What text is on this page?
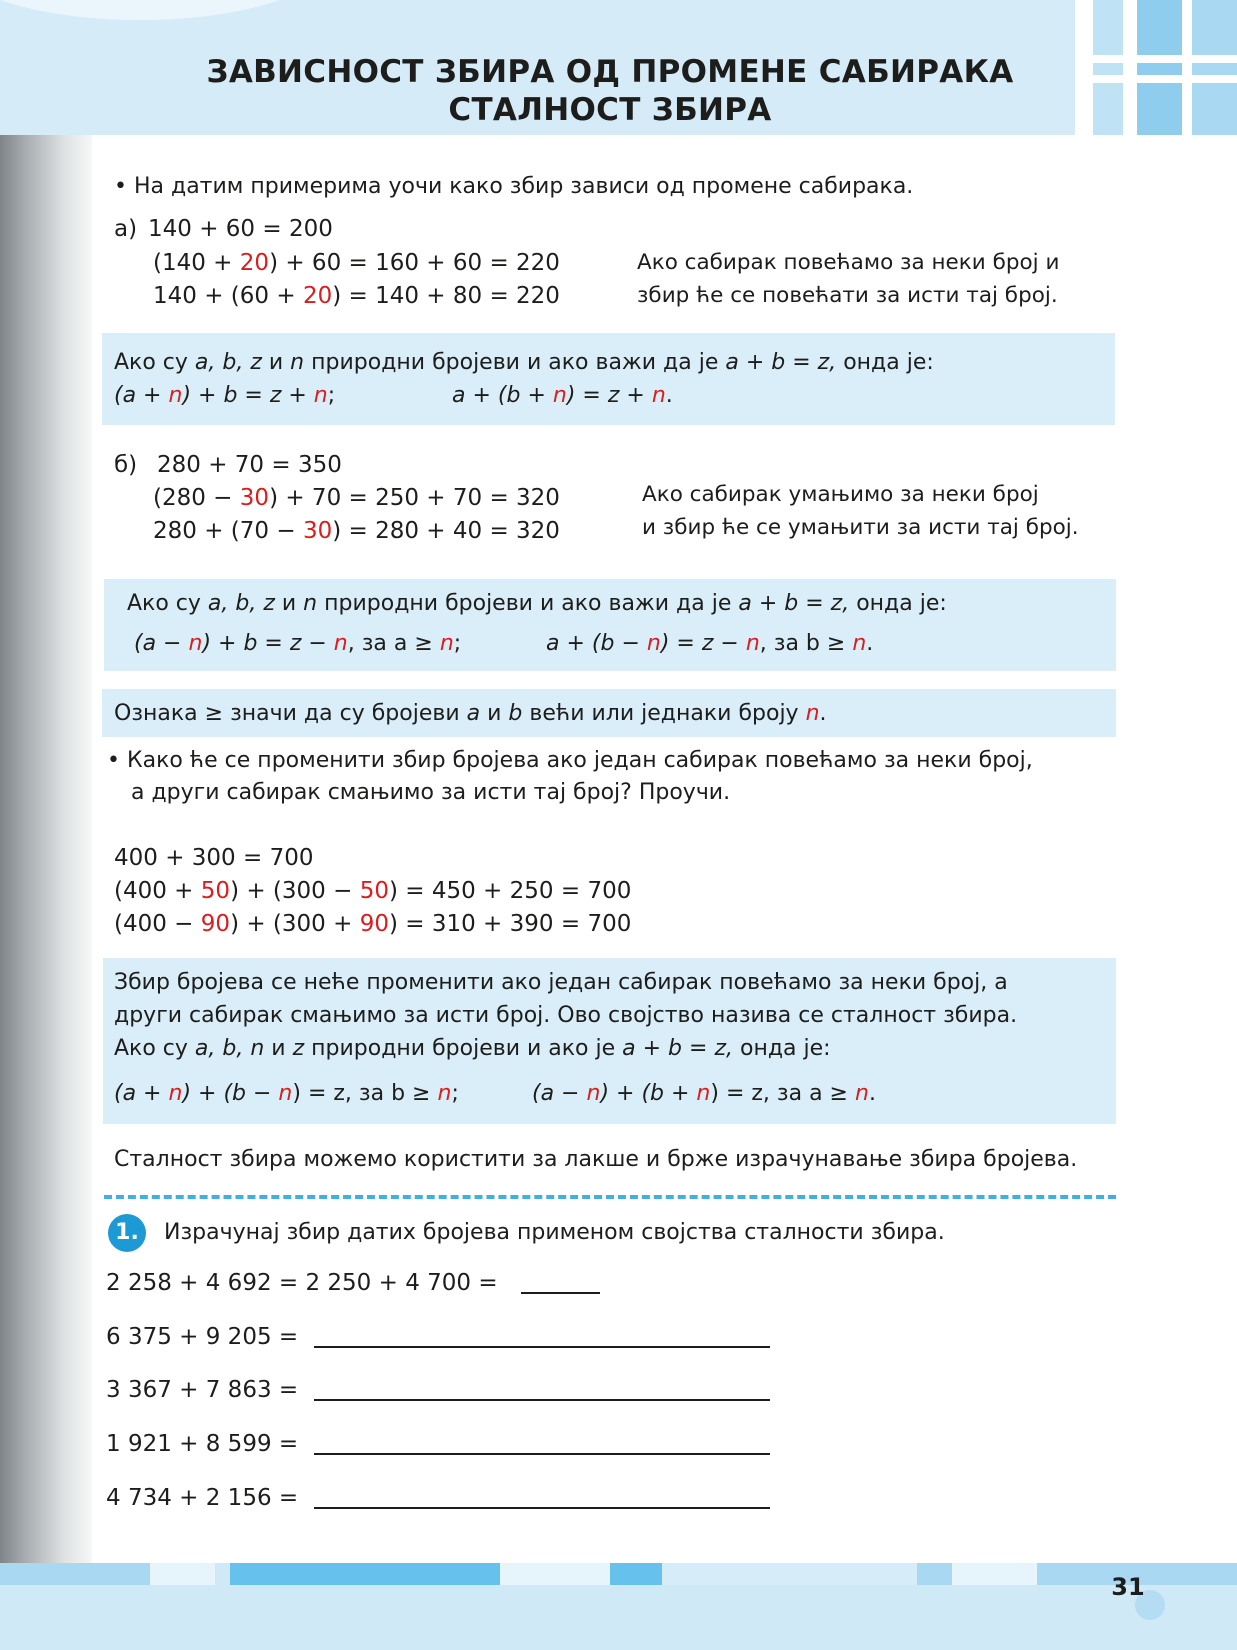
ЗАВИСНОСТ ЗБИРА ОД ПРОМЕНЕ САБИРАКА
СТАЛНОСТ ЗБИРА
• На датим примерима уочи како збир зависи од промене сабирака.
а) 140 + 60 = 200
(140 + 20) + 60 = 160 + 60 = 220
140 + (60 + 20) = 140 + 80 = 220
Ако сабирак повећамо за неки број и
збир ће се повећати за исти тај број.
Ако су a, b, z и n природни бројеви и ако важи да је a + b = z, онда је:
(a + n) + b = z + n;	a + (b + n) = z + n.
б) 280 + 70 = 350
(280 − 30) + 70 = 250 + 70 = 320
280 + (70 − 30) = 280 + 40 = 320
Ако сабирак умањимо за неки број
и збир ће се умањити за исти тај број.
Ако су a, b, z и n природни бројеви и ако важи да је a + b = z, онда је:
(a − n) + b = z − n, за a ≥ n;	a + (b − n) = z − n, за b ≥ n.
Ознака ≥ значи да су бројеви a и b већи или једнаки броју n.
• Како ће се променити збир бројева ако један сабирак повећамо за неки број,
а други сабирак смањимо за исти тај број? Проучи.
400 + 300 = 700
(400 + 50) + (300 − 50) = 450 + 250 = 700
(400 − 90) + (300 + 90) = 310 + 390 = 700
Збир бројева се неће променити ако један сабирак повећамо за неки број, а
други сабирак смањимо за исти број. Ово својство назива се сталност збира.
Ако су a, b, n и z природни бројеви и ако је a + b = z, онда је:
(a + n) + (b − n) = z, за b ≥ n;	(a − n) + (b + n) = z, за a ≥ n.
Сталност збира можемо користити за лакше и брже израчунавање збира бројева.
1.	Израчунај збир датих бројева применом својства сталности збира.
2 258 + 4 692 = 2 250 + 4 700 =
6 375 + 9 205 =
3 367 + 7 863 =
1 921 + 8 599 =
4 734 + 2 156 =
31
